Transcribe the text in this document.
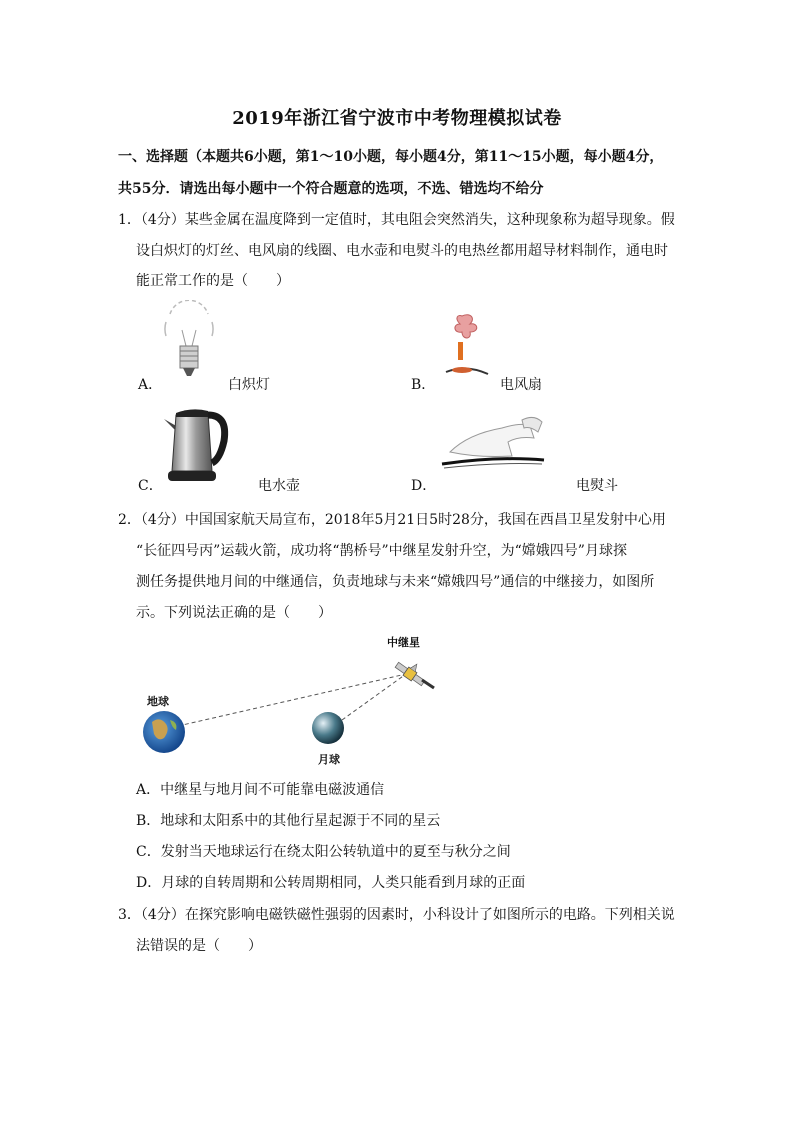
2019年浙江省宁波市中考物理模拟试卷
一、选择题（本题共6小题，第1～10小题，每小题4分，第11～15小题，每小题4分，
共55分．请选出每小题中一个符合题意的选项，不选、错选均不给分
1．（4分）某些金属在温度降到一定值时，其电阻会突然消失，这种现象称为超导现象。假
设白炽灯的灯丝、电风扇的线圈、电水壶和电熨斗的电热丝都用超导材料制作，通电时
能正常工作的是（　　）
A．	白炽灯	B．	电风扇
C．	电水壶	D．	电熨斗
2．（4分）中国国家航天局宣布，2018年5月21日5时28分，我国在西昌卫星发射中心用
“长征四号丙”运载火箭，成功将“鹊桥号”中继星发射升空，为“嫦娥四号”月球探
测任务提供地月间的中继通信，负责地球与未来“嫦娥四号”通信的中继接力，如图所
示。下列说法正确的是（　　）
中继星
地球
月球
A．中继星与地月间不可能靠电磁波通信
B．地球和太阳系中的其他行星起源于不同的星云
C．发射当天地球运行在绕太阳公转轨道中的夏至与秋分之间
D．月球的自转周期和公转周期相同，人类只能看到月球的正面
3．（4分）在探究影响电磁铁磁性强弱的因素时，小科设计了如图所示的电路。下列相关说
法错误的是（　　）
